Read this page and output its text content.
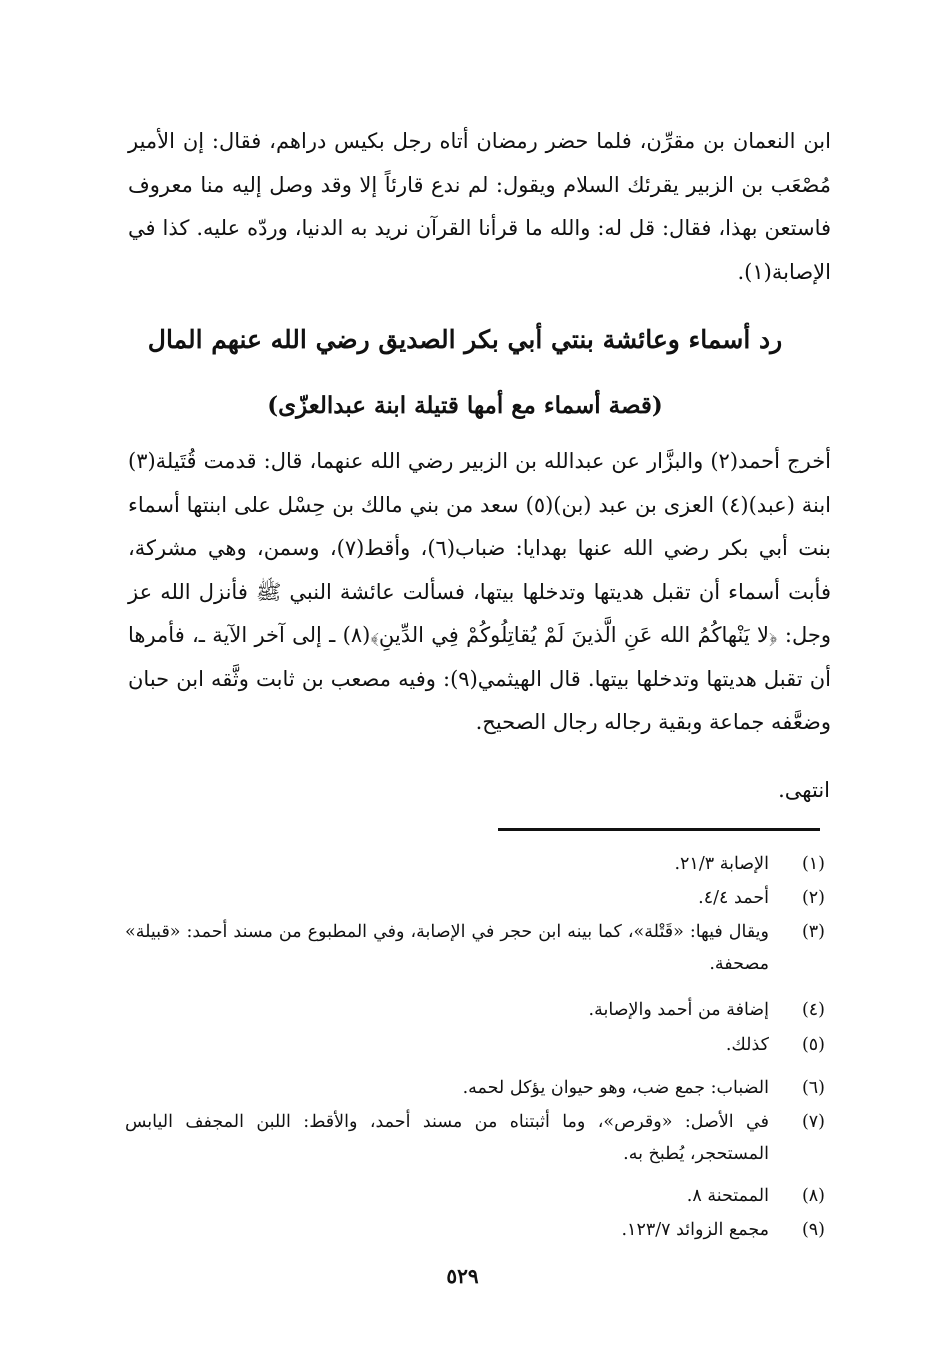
ابن النعمان بن مقرِّن، فلما حضر رمضان أتاه رجل بكيس دراهم، فقال: إن الأمير مُصْعَب بن الزبير يقرئك السلام ويقول: لم ندع قارئاً إلا وقد وصل إليه منا معروف فاستعن بهذا، فقال: قل له: والله ما قرأنا القرآن نريد به الدنيا، وردّه عليه. كذا في الإصابة(١).

رد أسماء وعائشة بنتي أبي بكر الصديق رضي الله عنهم المال
(قصة أسماء مع أمها قتيلة ابنة عبدالعزّى)

أخرج أحمد(٢) والبزَّار عن عبدالله بن الزبير رضي الله عنهما، قال: قدمت قُتَيلة(٣) ابنة (عبد)(٤) العزى بن عبد (بن)(٥) سعد من بني مالك بن حِسْل على ابنتها أسماء بنت أبي بكر رضي الله عنها بهدايا: ضباب(٦)، وأقط(٧)، وسمن، وهي مشركة، فأبت أسماء أن تقبل هديتها وتدخلها بيتها، فسألت عائشة النبي ﷺ فأنزل الله عز وجل: ﴿لا يَنْهاكُمُ الله عَنِ الَّذينَ لَمْ يُقاتِلُوكُمْ فِي الدِّينِ﴾(٨) ـ إلى آخر الآية ـ، فأمرها أن تقبل هديتها وتدخلها بيتها. قال الهيثمي(٩): وفيه مصعب بن ثابت وثَّقه ابن حبان وضعَّفه جماعة وبقية رجاله رجال الصحيح.

انتهى.
(١)
الإصابة ٢١/٣.
(٢)
أحمد ٤/٤.
(٣)
ويقال فيها: «قَتْلة»، كما بينه ابن حجر في الإصابة، وفي المطبوع من مسند أحمد: «قبيلة» مصحفة.
(٤)
إضافة من أحمد والإصابة.
(٥)
كذلك.
(٦)
الضباب: جمع ضب، وهو حيوان يؤكل لحمه.
(٧)
في الأصل: «وقرص»، وما أثبتناه من مسند أحمد، والأقط: اللبن المجفف اليابس المستحجر، يُطبخ به.
(٨)
الممتحنة ٨.
(٩)
مجمع الزوائد ١٢٣/٧.
٥٢٩
